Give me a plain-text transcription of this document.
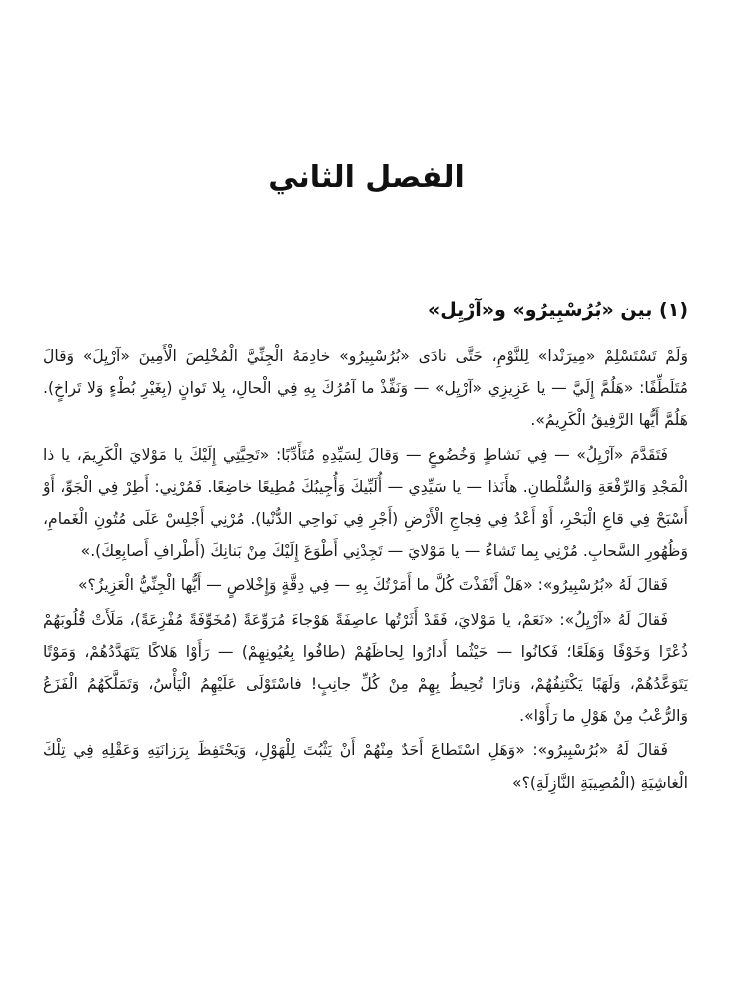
الفصل الثاني
(١) بين «بُرُسْبِيرُو» و«آرْيِل»

وَلَمْ تَسْتَسْلِمْ «مِيرَنْدا» لِلنَّوْمِ، حَتَّى نادَى «بُرُسْبِيرُو» خادِمَهُ الْجِنِّيَّ الْمُخْلِصَ الْأَمِينَ «آرْيِلَ» وَقالَ مُتَلَطِّفًا: «هَلُمَّ إِلَيَّ — يا عَزِيزِي «آرْيِل» — وَنَفِّذْ ما آمُرُكَ بِهِ فِي الْحالِ، بِلا تَوانٍ (بِغَيْرِ بُطْءٍ وَلا تَراخٍ). هَلُمَّ أَيُّها الرَّفِيقُ الْكَرِيمُ».

فَتَقَدَّمَ «آرْيِلُ» — فِي نَشاطٍ وَخُضُوعٍ — وَقالَ لِسَيِّدِهِ مُتَأَدِّبًا: «تَحِيَّتِي إِلَيْكَ يا مَوْلايَ الْكَرِيمَ، يا ذا الْمَجْدِ وَالرِّفْعَةِ وَالسُّلْطانِ. هأَنَذا — يا سَيِّدِي — أُلَبِّيكَ وَأُجِيبُكَ مُطِيعًا خاضِعًا. فَمُرْنِي: أَطِرْ فِي الْجَوِّ، أَوْ أَسْبَحْ فِي قاعِ الْبَحْرِ، أَوْ أَعْدُ فِي فِجاجِ الْأَرْضِ (أَجْرِ فِي نَواحِي الدُّنْيا). مُرْنِي أَجْلِسْ عَلَى مُتُونِ الْغَمامِ، وَظُهُورِ السَّحابِ. مُرْنِي بِما تَشاءُ — يا مَوْلايَ — تَجِدْنِي أَطْوَعَ إِلَيْكَ مِنْ بَنانِكَ (أَطْرافِ أَصابِعِكَ).»

فَقالَ لَهُ «بُرُسْبِيرُو»: «هَلْ أَنْفَذْتَ كُلَّ ما أَمَرْتُكَ بِهِ — فِي دِقَّةٍ وَإِخْلاصٍ — أَيُّها الْجِنِّيُّ الْعَزِيزُ؟»

فَقالَ لَهُ «آرْيِلُ»: «نَعَمْ، يا مَوْلايَ، فَقَدْ أَثَرْتُها عاصِفَةً هَوْجاءَ مُرَوِّعَةً (مُخَوِّفَةً مُفْزِعَةً)، مَلَأَتْ قُلُوبَهُمْ ذُعْرًا وَخَوْفًا وَهَلَعًا؛ فَكانُوا — حَيْثُما أَدارُوا لِحاظَهُمْ (طافُوا بِعُيُونِهِمْ) — رَأَوْا هَلاكًا يَتَهَدَّدُهُمْ، وَمَوْتًا يَتَوَعَّدُهُمْ، وَلَهَبًا يَكْتَنِفُهُمْ، وَنارًا تُحِيطُ بِهِمْ مِنْ كُلِّ جانِبٍ! فاسْتَوْلَى عَلَيْهِمُ الْيَأْسُ، وَتَمَلَّكَهُمُ الْفَزَعُ وَالرُّعْبُ مِنْ هَوْلِ ما رَأَوْا».

فَقالَ لَهُ «بُرُسْبِيرُو»: «وَهَلِ اسْتَطاعَ أَحَدٌ مِنْهُمْ أَنْ يَثْبُتَ لِلْهَوْلِ، وَيَحْتَفِظَ بِرَزانَتِهِ وَعَقْلِهِ فِي تِلْكَ الْغاشِيَةِ (الْمُصِيبَةِ النَّازِلَةِ)؟»
